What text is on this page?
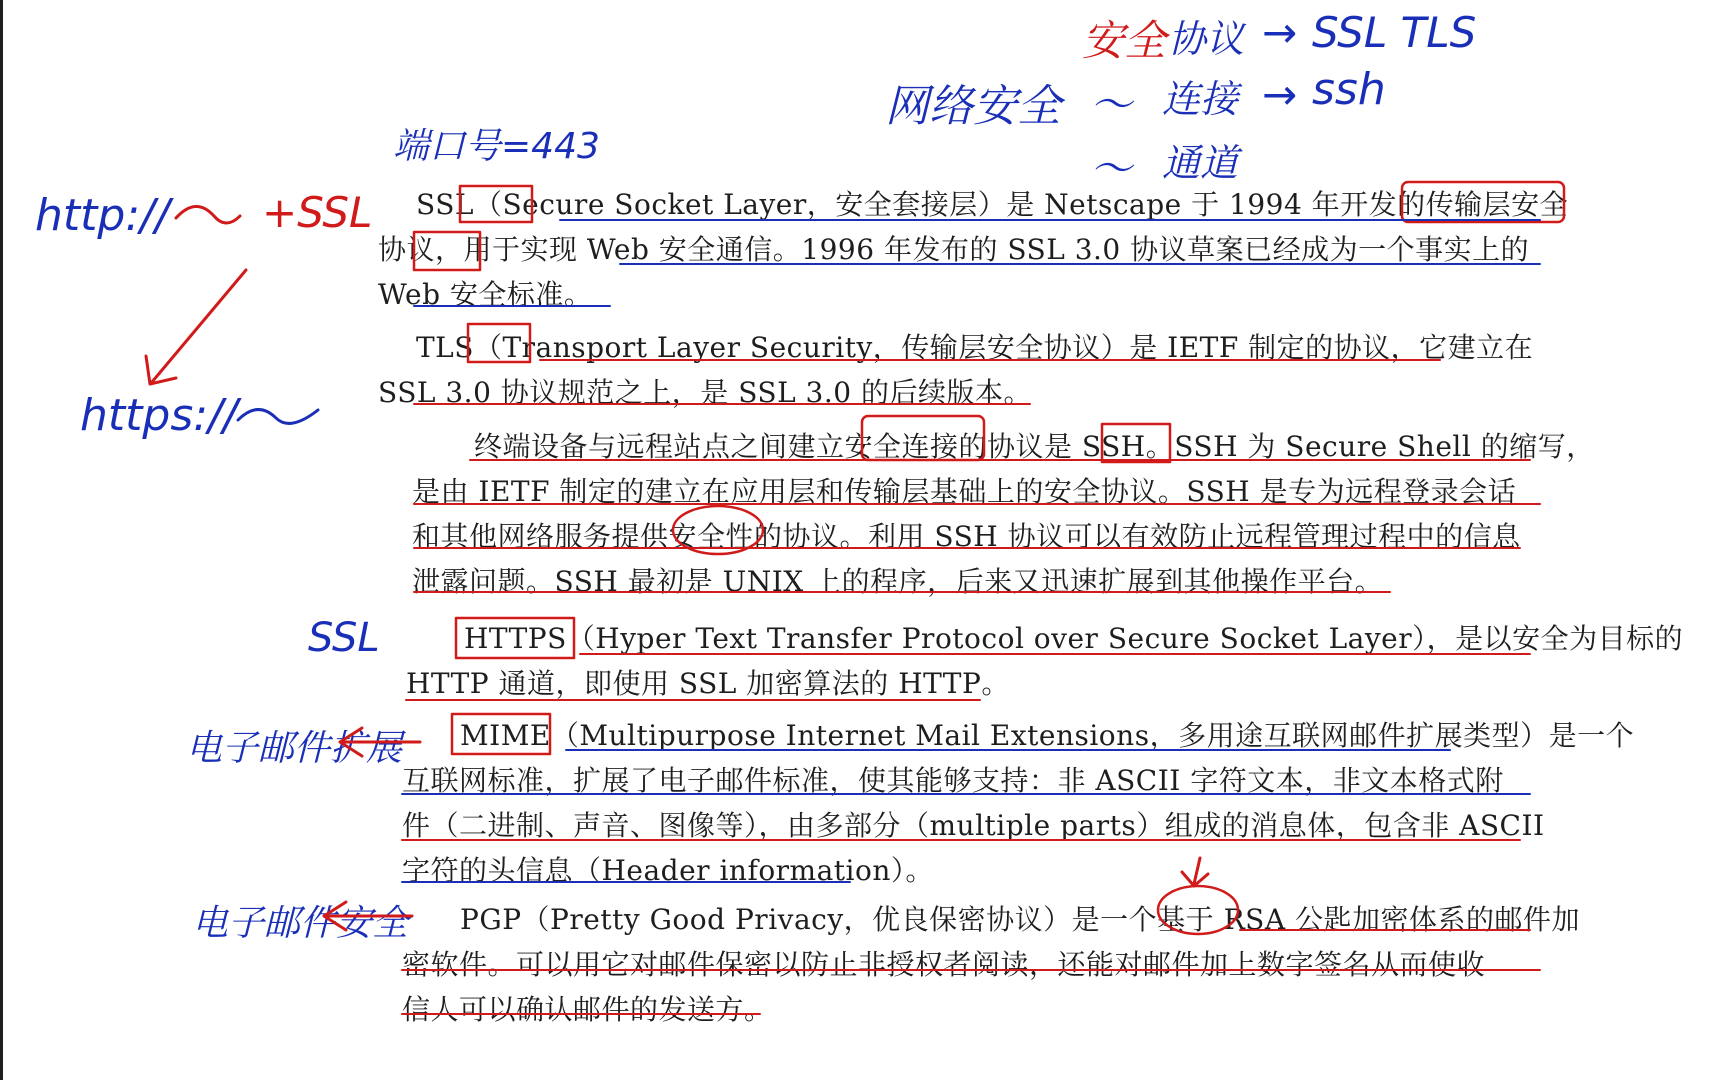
SSL（Secure Socket Layer，安全套接层）是 Netscape 于 1994 年开发的传输层安全
协议，用于实现 Web 安全通信。1996 年发布的 SSL 3.0 协议草案已经成为一个事实上的
Web 安全标准。
TLS（Transport Layer Security，传输层安全协议）是 IETF 制定的协议，它建立在
SSL 3.0 协议规范之上，是 SSL 3.0 的后续版本。
终端设备与远程站点之间建立安全连接的协议是 SSH。SSH 为 Secure Shell 的缩写，
是由 IETF 制定的建立在应用层和传输层基础上的安全协议。SSH 是专为远程登录会话
和其他网络服务提供安全性的协议。利用 SSH 协议可以有效防止远程管理过程中的信息
泄露问题。SSH 最初是 UNIX 上的程序，后来又迅速扩展到其他操作平台。
HTTPS（Hyper Text Transfer Protocol over Secure Socket Layer），是以安全为目标的
HTTP 通道，即使用 SSL 加密算法的 HTTP。
MIME（Multipurpose Internet Mail Extensions，多用途互联网邮件扩展类型）是一个
互联网标准，扩展了电子邮件标准，使其能够支持：非 ASCII 字符文本，非文本格式附
件（二进制、声音、图像等），由多部分（multiple parts）组成的消息体，包含非 ASCII
字符的头信息（Header information）。
PGP（Pretty Good Privacy，优良保密协议）是一个基于 RSA 公匙加密体系的邮件加
密软件。可以用它对邮件保密以防止非授权者阅读，还能对邮件加上数字签名从而使收
信人可以确认邮件的发送方。
安全 协议 → SSL TLS
网络安全 ～ 连接 → ssh
～ 通道
端口号=443
http:// +SSL
https://
SSL
电子邮件扩展
电子邮件安全
